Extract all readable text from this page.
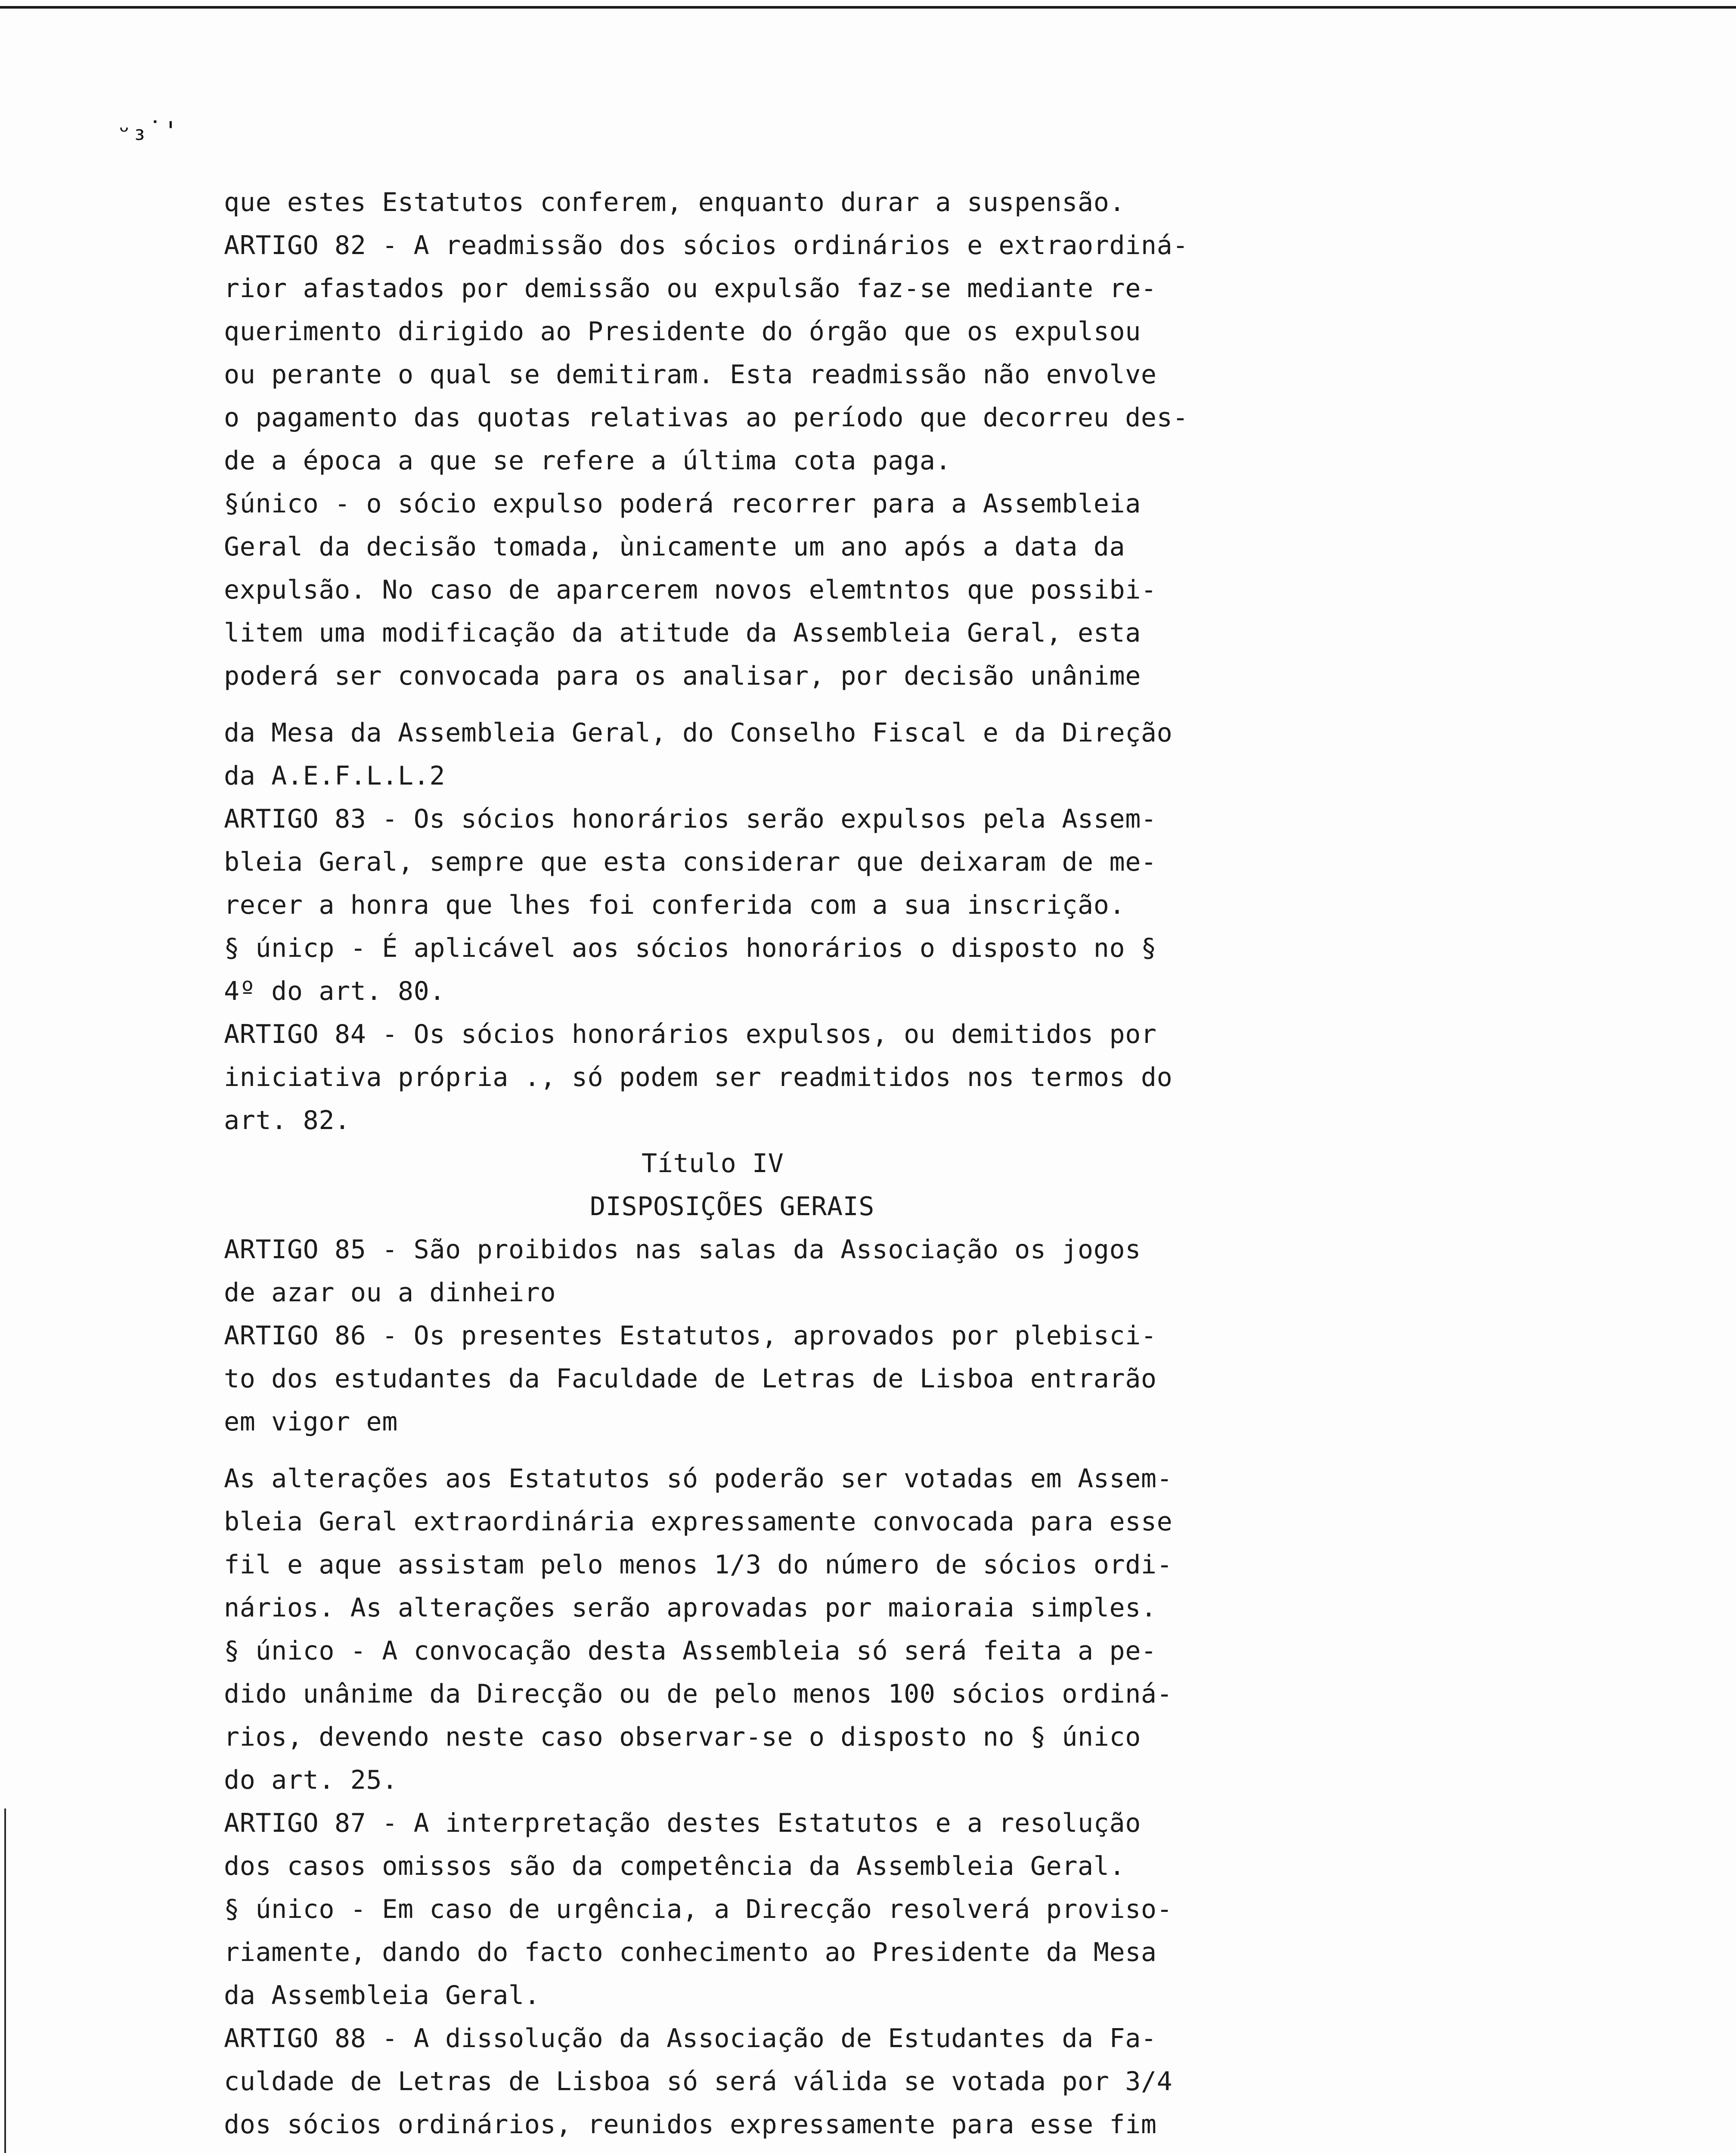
ᵕ₃˙'
que estes Estatutos conferem, enquanto durar a suspensão.
ARTIGO 82 - A readmissão dos sócios ordinários e extraordiná-
rior afastados por demissão ou expulsão faz-se mediante re-
querimento dirigido ao Presidente do órgão que os expulsou
ou perante o qual se demitiram. Esta readmissão não envolve
o pagamento das quotas relativas ao período que decorreu des-
de a época a que se refere a última cota paga.
§único - o sócio expulso poderá recorrer para a Assembleia
Geral da decisão tomada, ùnicamente um ano após a data da
expulsão. No caso de aparcerem novos elemtntos que possibi-
litem uma modificação da atitude da Assembleia Geral, esta
poderá ser convocada para os analisar, por decisão unânime
da Mesa da Assembleia Geral, do Conselho Fiscal e da Direção
da A.E.F.L.L.2
ARTIGO 83 - Os sócios honorários serão expulsos pela Assem-
bleia Geral, sempre que esta considerar que deixaram de me-
recer a honra que lhes foi conferida com a sua inscrição.
§ únicp - É aplicável aos sócios honorários o disposto no §
4º do art. 80.
ARTIGO 84 - Os sócios honorários expulsos, ou demitidos por
iniciativa própria ., só podem ser readmitidos nos termos do
art. 82.
Título IV
DISPOSIÇÕES GERAIS
ARTIGO 85 - São proibidos nas salas da Associação os jogos
de azar ou a dinheiro
ARTIGO 86 - Os presentes Estatutos, aprovados por plebisci-
to dos estudantes da Faculdade de Letras de Lisboa entrarão
em vigor em
As alterações aos Estatutos só poderão ser votadas em Assem-
bleia Geral extraordinária expressamente convocada para esse
fil e aque assistam pelo menos 1/3 do número de sócios ordi-
nários. As alterações serão aprovadas por maioraia simples.
§ único - A convocação desta Assembleia só será feita a pe-
dido unânime da Direcção ou de pelo menos 100 sócios ordiná-
rios, devendo neste caso observar-se o disposto no § único
do art. 25.
ARTIGO 87 - A interpretação destes Estatutos e a resolução
dos casos omissos são da competência da Assembleia Geral.
§ único - Em caso de urgência, a Direcção resolverá proviso-
riamente, dando do facto conhecimento ao Presidente da Mesa
da Assembleia Geral.
ARTIGO 88 - A dissolução da Associação de Estudantes da Fa-
culdade de Letras de Lisboa só será válida se votada por 3/4
dos sócios ordinários, reunidos expressamente para esse fim
